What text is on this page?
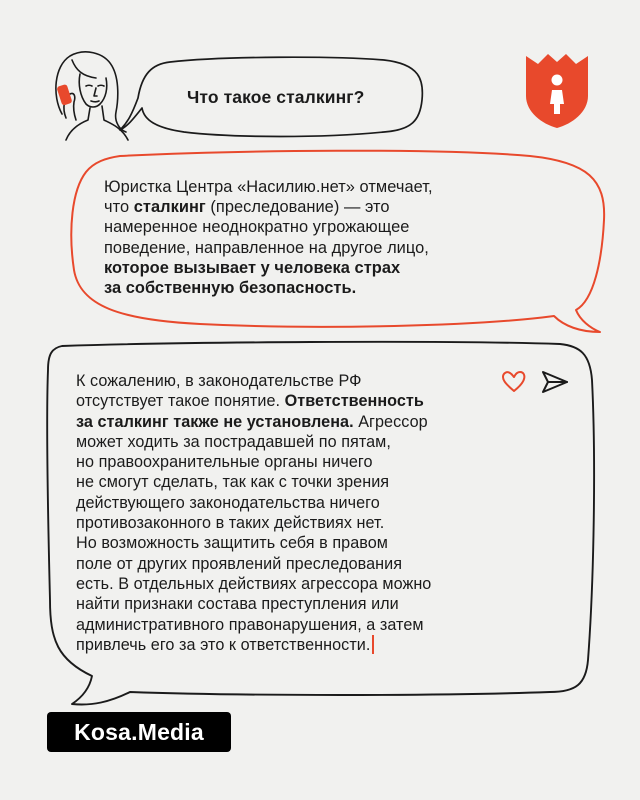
Что такое сталкинг?
Юристка Центра «Насилию.нет» отмечает,
что сталкинг (преследование) — это
намеренное неоднократно угрожающее
поведение, направленное на другое лицо,
которое вызывает у человека страх
за собственную безопасность.
К сожалению, в законодательстве РФ
отсутствует такое понятие. Ответственность
за сталкинг также не установлена. Агрессор
может ходить за пострадавшей по пятам,
но правоохранительные органы ничего
не смогут сделать, так как с точки зрения
действующего законодательства ничего
противозаконного в таких действиях нет.
Но возможность защитить себя в правом
поле от других проявлений преследования
есть. В отдельных действиях агрессора можно
найти признаки состава преступления или
административного правонарушения, а затем
привлечь его за это к ответственности.
Kosa.Media
